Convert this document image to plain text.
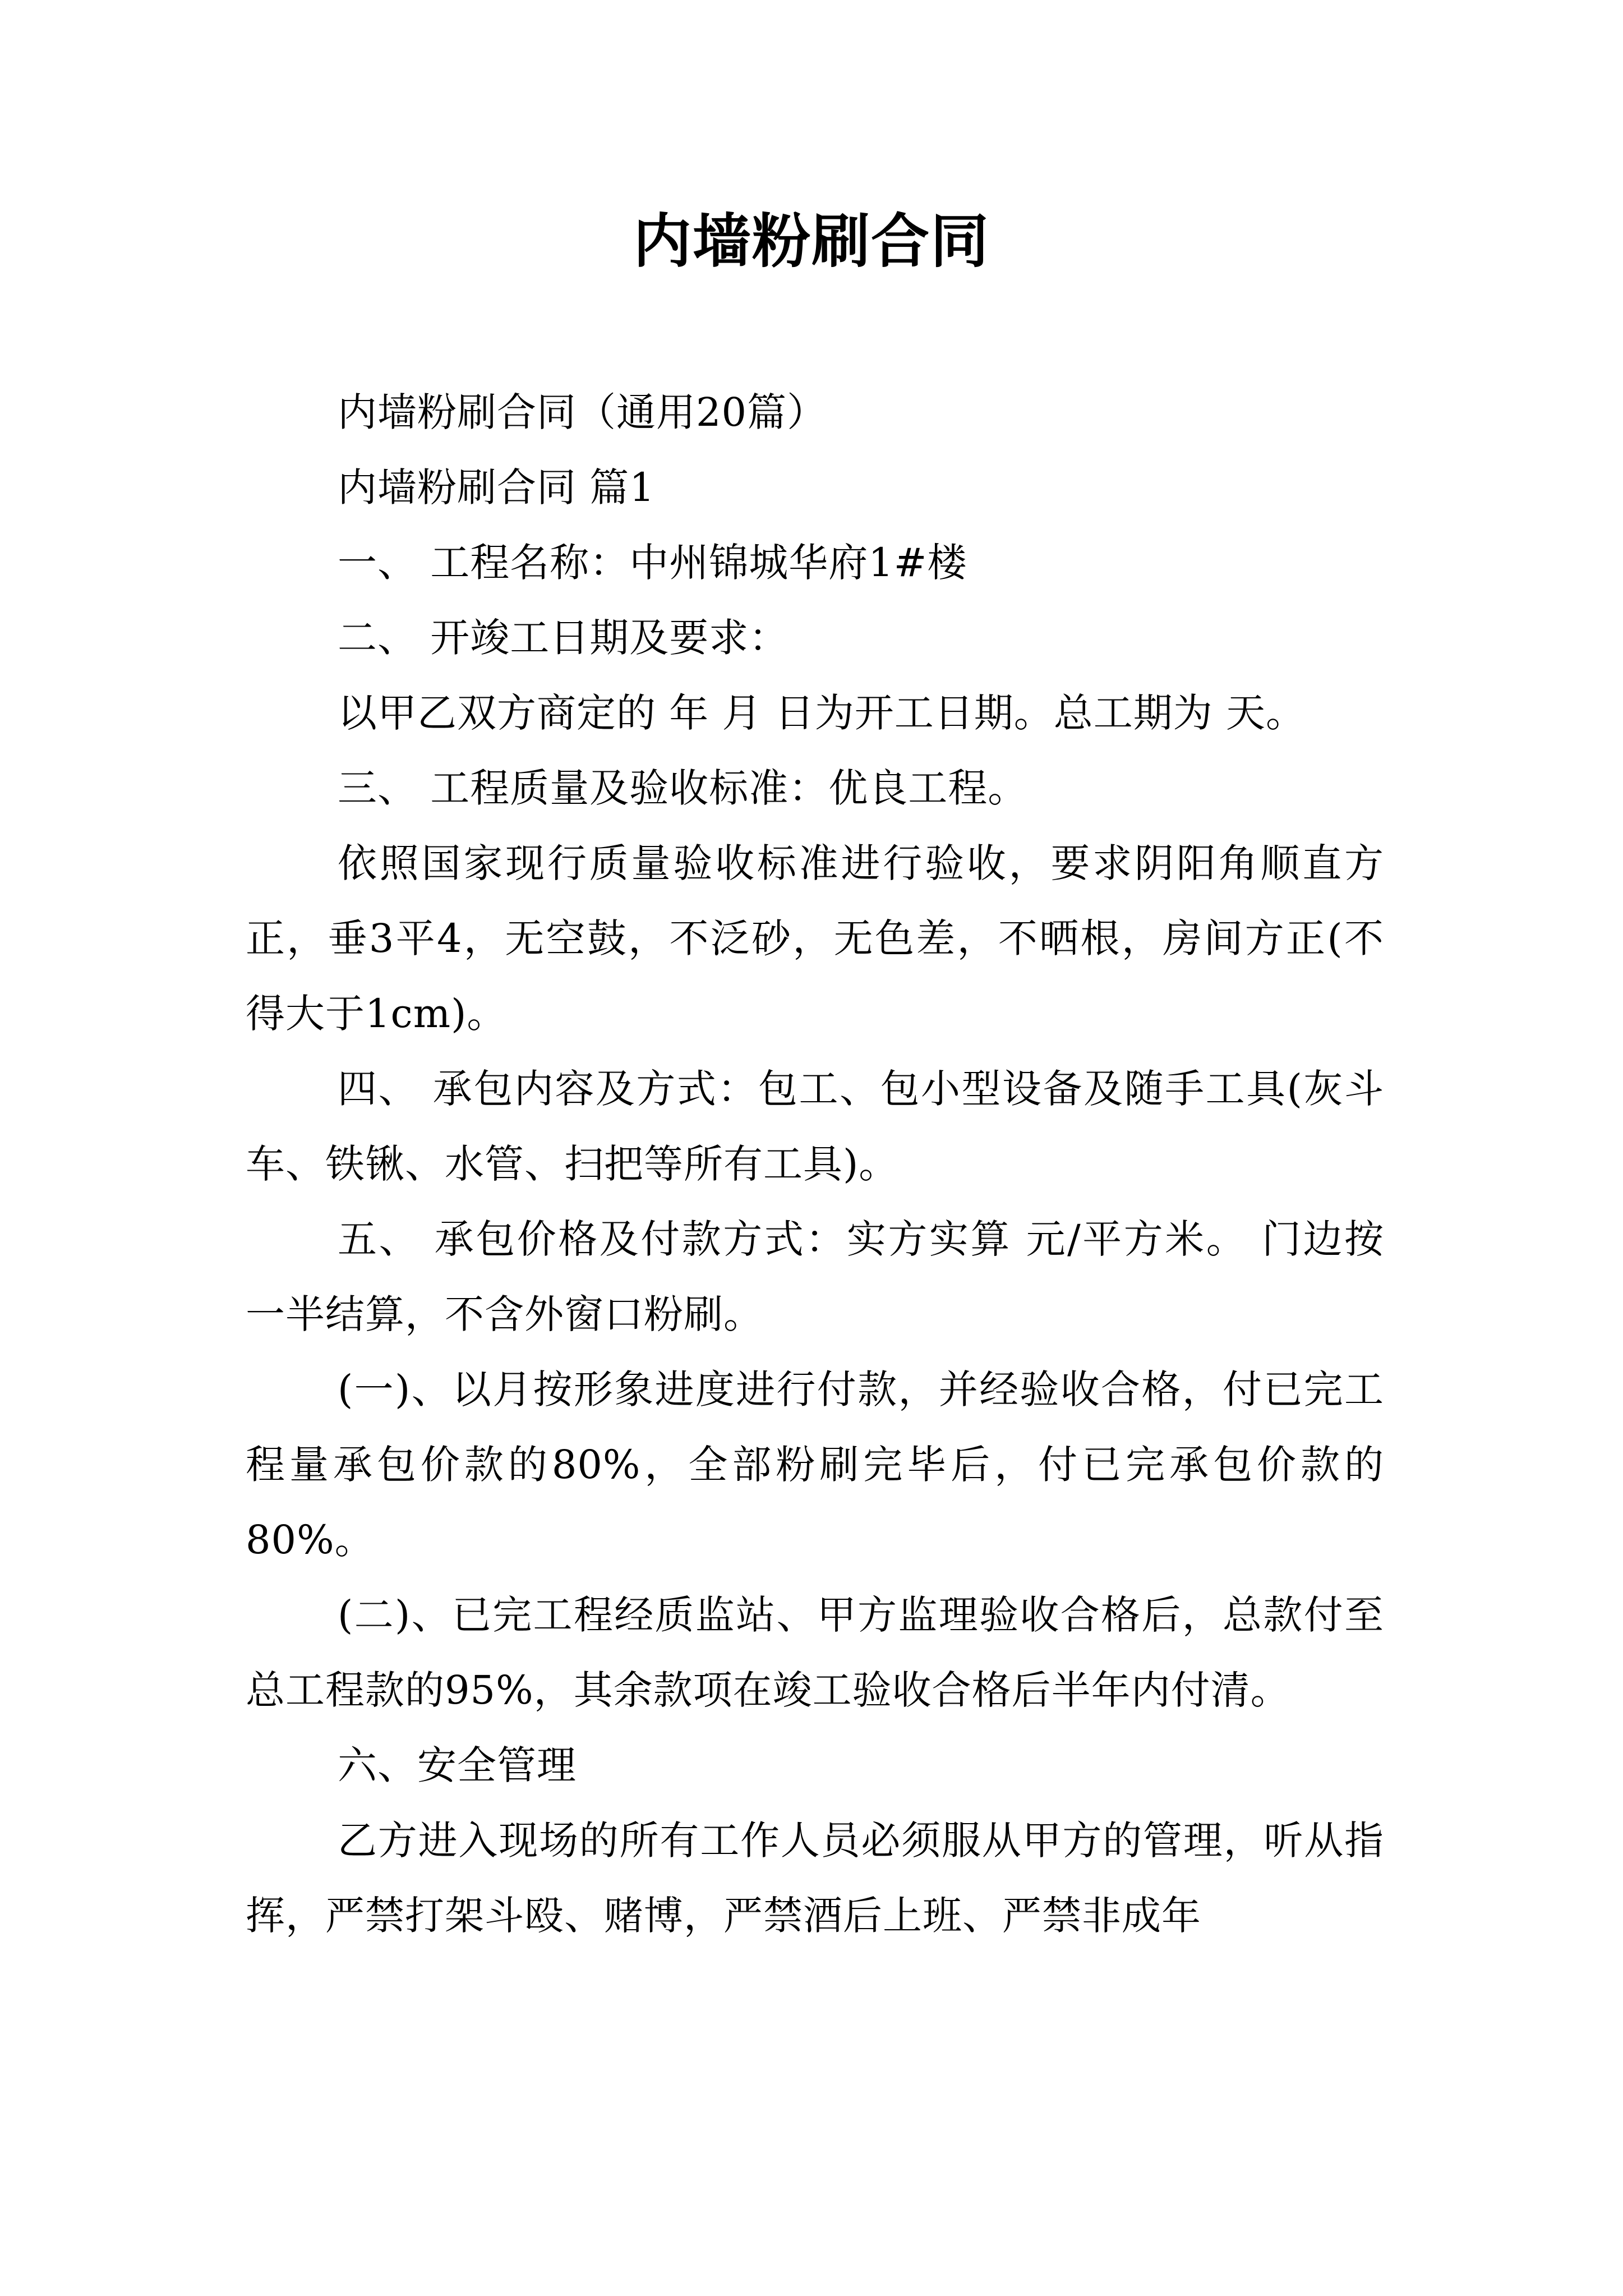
内墙粉刷合同

内墙粉刷合同（通用20篇）

内墙粉刷合同 篇1

一、 工程名称：中州锦城华府1#楼

二、 开竣工日期及要求：

以甲乙双方商定的 年 月 日为开工日期。总工期为 天。

三、 工程质量及验收标准：优良工程。

依照国家现行质量验收标准进行验收，要求阴阳角顺直方正，垂3平4，无空鼓，不泛砂，无色差，不晒根，房间方正(不得大于1cm)。

四、 承包内容及方式：包工、包小型设备及随手工具(灰斗车、铁锹、水管、扫把等所有工具)。

五、 承包价格及付款方式：实方实算 元/平方米。 门边按一半结算，不含外窗口粉刷。

(一)、以月按形象进度进行付款，并经验收合格，付已完工程量承包价款的80%，全部粉刷完毕后，付已完承包价款的80%。

(二)、已完工程经质监站、甲方监理验收合格后，总款付至总工程款的95%，其余款项在竣工验收合格后半年内付清。

六、安全管理

乙方进入现场的所有工作人员必须服从甲方的管理，听从指挥，严禁打架斗殴、赌博，严禁酒后上班、严禁非成年
